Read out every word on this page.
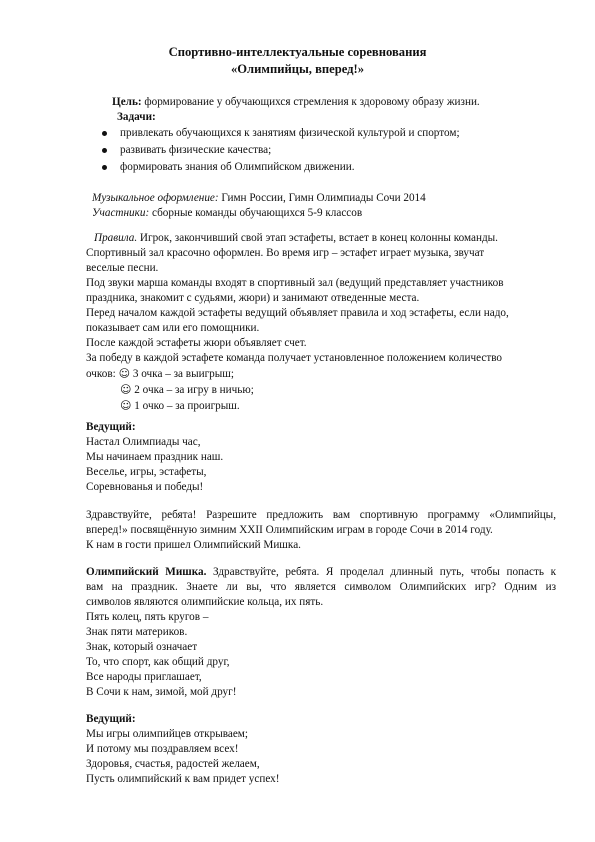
Спортивно-интеллектуальные соревнования
«Олимпийцы, вперед!»
Цель: формирование у обучающихся стремления к здоровому образу жизни.
Задачи:
привлекать обучающихся к занятиям физической культурой и спортом;
развивать физические качества;
формировать знания об Олимпийском движении.
Музыкальное оформление: Гимн России, Гимн Олимпиады Сочи 2014
Участники: сборные команды обучающихся 5-9 классов
Правила. Игрок, закончивший свой этап эстафеты, встает в конец колонны команды.
Спортивный зал красочно оформлен. Во время игр – эстафет играет музыка, звучат
веселые песни.
Под звуки марша команды входят в спортивный зал (ведущий представляет участников
праздника, знакомит с судьями, жюри) и занимают отведенные места.
Перед началом каждой эстафеты ведущий объявляет правила и ход эстафеты, если надо,
показывает сам или его помощники.
После каждой эстафеты жюри объявляет счет.
За победу в каждой эстафете команда получает установленное положением количество
очков: ☺ 3 очка – за выигрыш;
☺ 2 очка – за игру в ничью;
☺ 1 очко – за проигрыш.
Ведущий:
Настал Олимпиады час,
Мы начинаем праздник наш.
Веселье, игры, эстафеты,
Соревнованья и победы!
Здравствуйте, ребята! Разрешите предложить вам спортивную программу «Олимпийцы,
вперед!» посвящённую зимним XXII Олимпийским играм в городе Сочи в 2014 году.
К нам в гости пришел Олимпийский Мишка.
Олимпийский Мишка. Здравствуйте, ребята. Я проделал длинный путь, чтобы попасть к
вам на праздник. Знаете ли вы, что является символом Олимпийских игр? Одним из
символов являются олимпийские кольца, их пять.
Пять колец, пять кругов –
Знак пяти материков.
Знак, который означает
То, что спорт, как общий друг,
Все народы приглашает,
В Сочи к нам, зимой, мой друг!
Ведущий:
Мы игры олимпийцев открываем;
И потому мы поздравляем всех!
Здоровья, счастья, радостей желаем,
Пусть олимпийский к вам придет успех!
